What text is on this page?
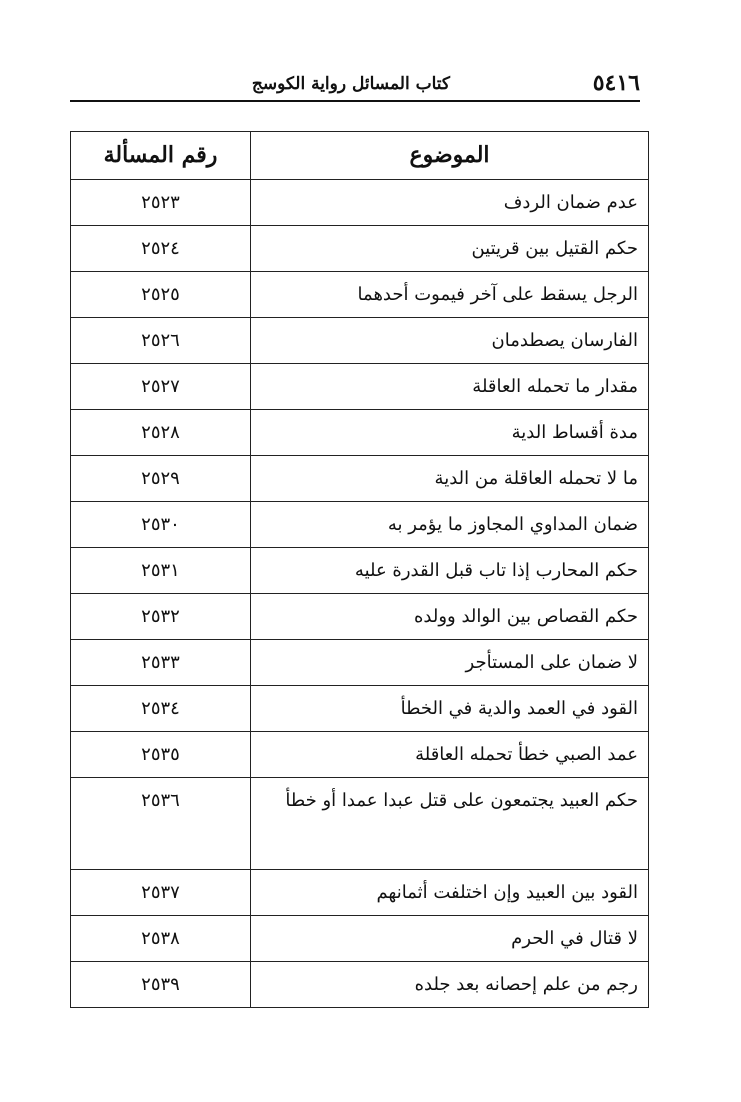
٥٤١٦
كتاب المسائل رواية الكوسج
الموضوع	رقم المسألة
عدم ضمان الردف	٢٥٢٣
حكم القتيل بين قريتين	٢٥٢٤
الرجل يسقط على آخر فيموت أحدهما	٢٥٢٥
الفارسان يصطدمان	٢٥٢٦
مقدار ما تحمله العاقلة	٢٥٢٧
مدة أقساط الدية	٢٥٢٨
ما لا تحمله العاقلة من الدية	٢٥٢٩
ضمان المداوي المجاوز ما يؤمر به	٢٥٣٠
حكم المحارب إذا تاب قبل القدرة عليه	٢٥٣١
حكم القصاص بين الوالد وولده	٢٥٣٢
لا ضمان على المستأجر	٢٥٣٣
القود في العمد والدية في الخطأ	٢٥٣٤
عمد الصبي خطأ تحمله العاقلة	٢٥٣٥
حكم العبيد يجتمعون على قتل عبدا عمدا أو خطأ	٢٥٣٦
القود بين العبيد وإن اختلفت أثمانهم	٢٥٣٧
لا قتال في الحرم	٢٥٣٨
رجم من علم إحصانه بعد جلده	٢٥٣٩
